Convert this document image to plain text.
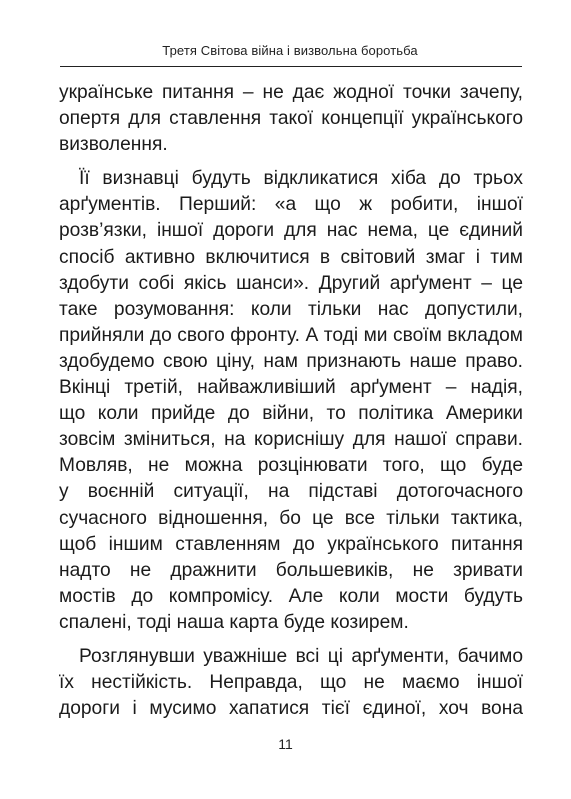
Третя Світова війна і визвольна боротьба
українське питання – не дає жодної точки зачепу,
опертя для ставлення такої концепції українського
визволення.
Її визнавці будуть відкликатися хіба до трьох
арґументів. Перший: «а що ж робити, іншої
розв’язки, іншої дороги для нас нема, це єдиний
спосіб активно включитися в світовий змаг і тим
здобути собі якісь шанси». Другий арґумент – це
таке розумовання: коли тільки нас допустили,
прийняли до свого фронту. А тоді ми своїм вкладом
здобудемо свою ціну, нам признають наше право.
Вкінці третій, найважливіший арґумент – надія,
що коли прийде до війни, то політика Америки
зовсім зміниться, на кориснішу для нашої справи.
Мовляв, не можна розцінювати того, що буде
у воєнній ситуації, на підставі дотогочасного
сучасного відношення, бо це все тільки тактика,
щоб іншим ставленням до українського питання
надто не дражнити большевиків, не зривати
мостів до компромісу. Але коли мости будуть
спалені, тоді наша карта буде козирем.
Розглянувши уважніше всі ці арґументи, бачимо
їх нестійкість. Неправда, що не маємо іншої
дороги і мусимо хапатися тієї єдиної, хоч вона
11
